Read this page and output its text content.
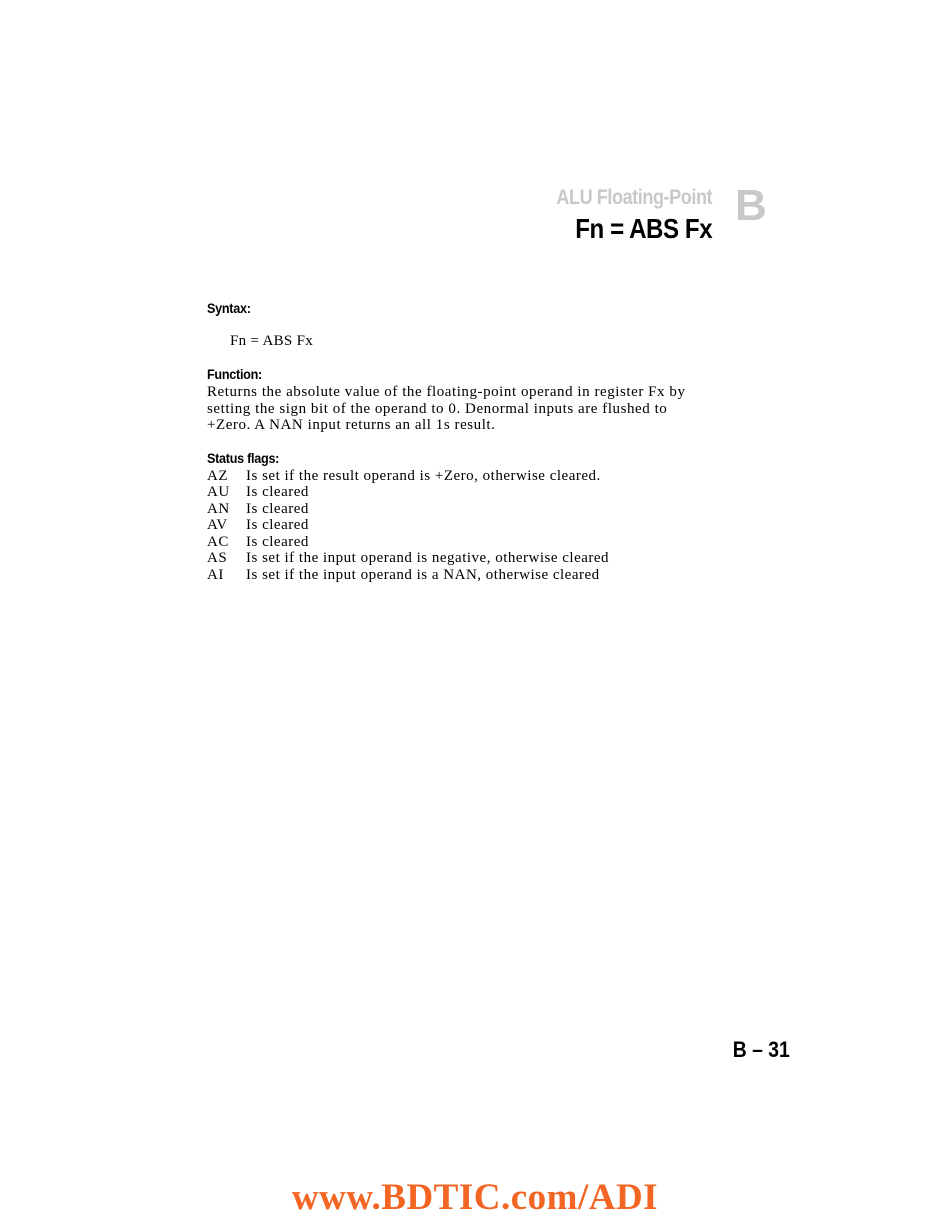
ALU Floating-Point
Fn = ABS Fx B
Syntax:
Fn = ABS Fx
Function:

Returns the absolute value of the floating-point operand in register Fx by
setting the sign bit of the operand to 0. Denormal inputs are flushed to
+Zero. A NAN input returns an all 1s result.

Status flags:
AZ	Is set if the result operand is +Zero, otherwise cleared.
AU	Is cleared
AN	Is cleared
AV	Is cleared
AC	Is cleared
AS	Is set if the input operand is negative, otherwise cleared
AI	Is set if the input operand is a NAN, otherwise cleared
B – 31
www.BDTIC.com/ADI
